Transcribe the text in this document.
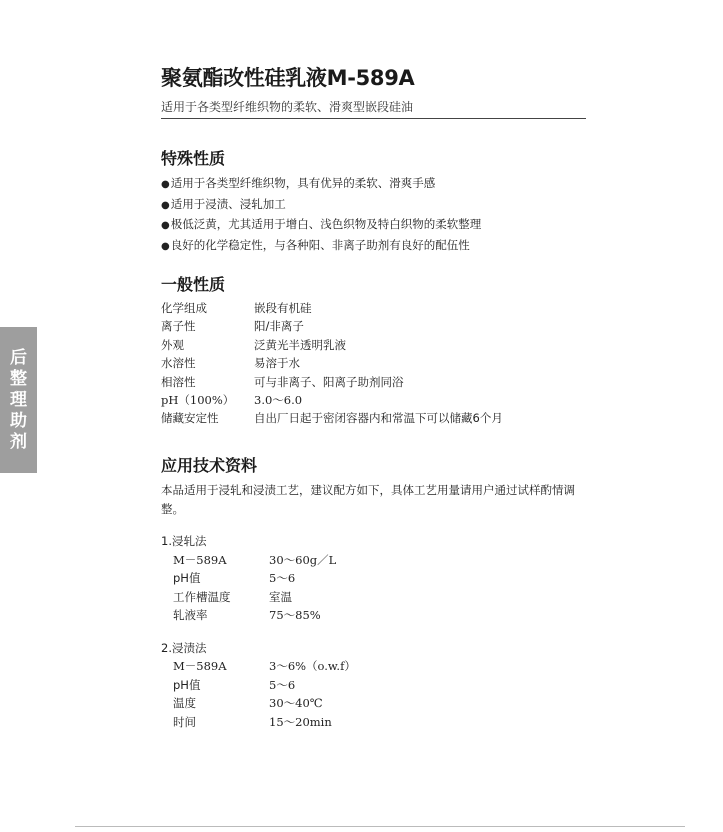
后
整
理
助
剂
聚氨酯改性硅乳液M-589A
适用于各类型纤维织物的柔软、滑爽型嵌段硅油
特殊性质
●适用于各类型纤维织物，具有优异的柔软、滑爽手感
●适用于浸渍、浸轧加工
●极低泛黄，尤其适用于增白、浅色织物及特白织物的柔软整理
●良好的化学稳定性，与各种阳、非离子助剂有良好的配伍性
一般性质
化学组成	嵌段有机硅
离子性	阳/非离子
外观	泛黄光半透明乳液
水溶性	易溶于水
相溶性	可与非离子、阳离子助剂同浴
pH（100%）	3.0～6.0
储藏安定性	自出厂日起于密闭容器内和常温下可以储藏6个月
应用技术资料
本品适用于浸轧和浸渍工艺，建议配方如下，具体工艺用量请用户通过试样酌情调整。
1.浸轧法
M－589A	30～60g／L
pH值	5～6
工作槽温度	室温
轧液率	75～85%
2.浸渍法
M－589A	3～6%（o.w.f）
pH值	5～6
温度	30～40℃
时间	15～20min
